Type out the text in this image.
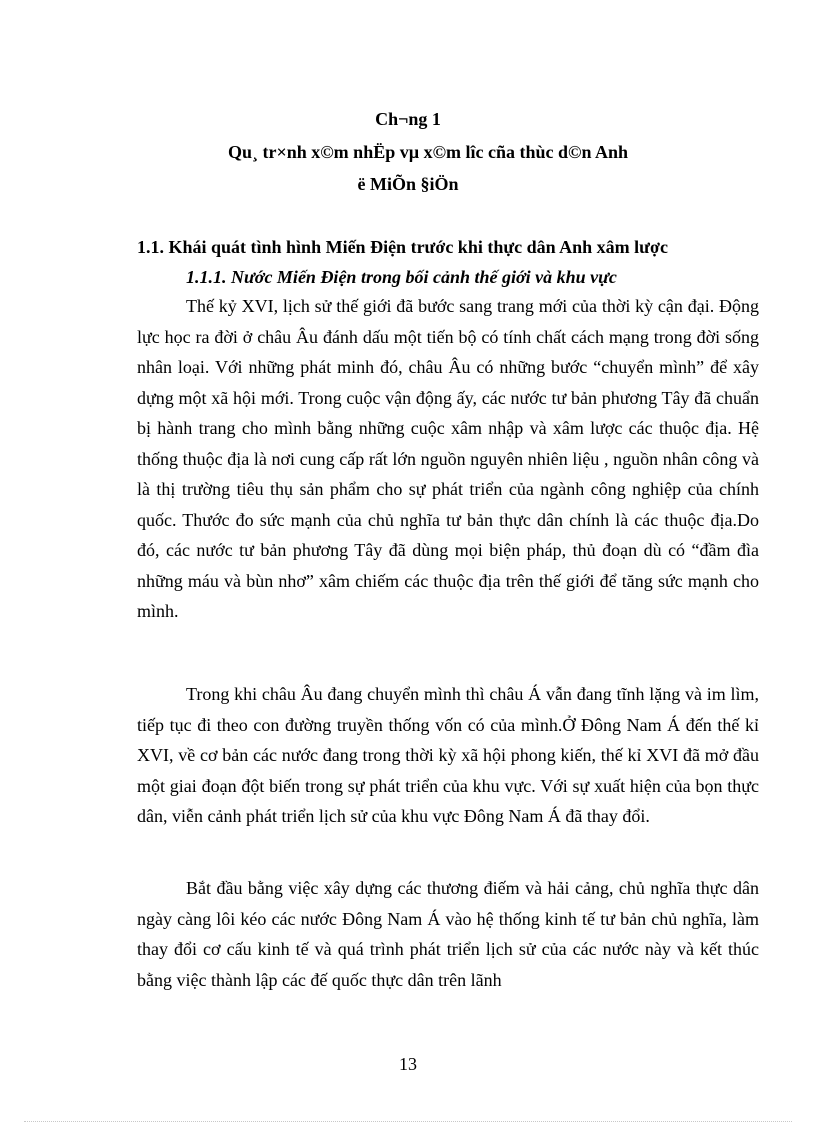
Ch¬ng 1

Qu¸ tr×nh x©m nhËp vµ x©m lîc cña thùc d©n Anh

ë MiÕn §iÖn

1.1. Khái quát tình hình Miến Điện trước khi thực dân Anh xâm lược

1.1.1. Nước Miến Điện trong bối cảnh thế giới và khu vực

Thế kỷ XVI, lịch sử thế giới đã bước sang trang mới của thời kỳ cận đại. Động lực học ra đời ở châu Âu đánh dấu một tiến bộ có tính chất cách mạng trong đời sống nhân loại. Với những phát minh đó, châu Âu có những bước “chuyển mình” để xây dựng một xã hội mới. Trong cuộc vận động ấy, các nước tư bản phương Tây đã chuẩn bị hành trang cho mình bằng những cuộc xâm nhập và xâm lược các thuộc địa. Hệ thống thuộc địa là nơi cung cấp rất lớn nguồn nguyên nhiên liệu , nguồn nhân công và là thị trường tiêu thụ sản phẩm cho sự phát triển của ngành công nghiệp của chính quốc. Thước đo sức mạnh của chủ nghĩa tư bản thực dân chính là các thuộc địa.Do đó, các nước tư bản phương Tây đã dùng mọi biện pháp, thủ đoạn dù có “đầm đìa những máu và bùn nhơ” xâm chiếm các thuộc địa trên thế giới để tăng sức mạnh cho mình.

Trong khi châu Âu đang chuyển mình thì châu Á vẫn đang tĩnh lặng và im lìm, tiếp tục đi theo con đường truyền thống vốn có của mình.Ở Đông Nam Á đến thế kỉ XVI, về cơ bản các nước đang trong thời kỳ xã hội phong kiến, thế kỉ XVI đã mở đầu một giai đoạn đột biến trong sự phát triển của khu vực. Với sự xuất hiện của bọn thực dân, viễn cảnh phát triển lịch sử của khu vực Đông Nam Á đã thay đổi.

Bắt đầu bằng việc xây dựng các thương điếm và hải cảng, chủ nghĩa thực dân ngày càng lôi kéo các nước Đông Nam Á vào hệ thống kinh tế tư bản chủ nghĩa, làm thay đổi cơ cấu kinh tế và quá trình phát triển lịch sử của các nước này và kết thúc bằng việc thành lập các đế quốc thực dân trên lãnh

13
